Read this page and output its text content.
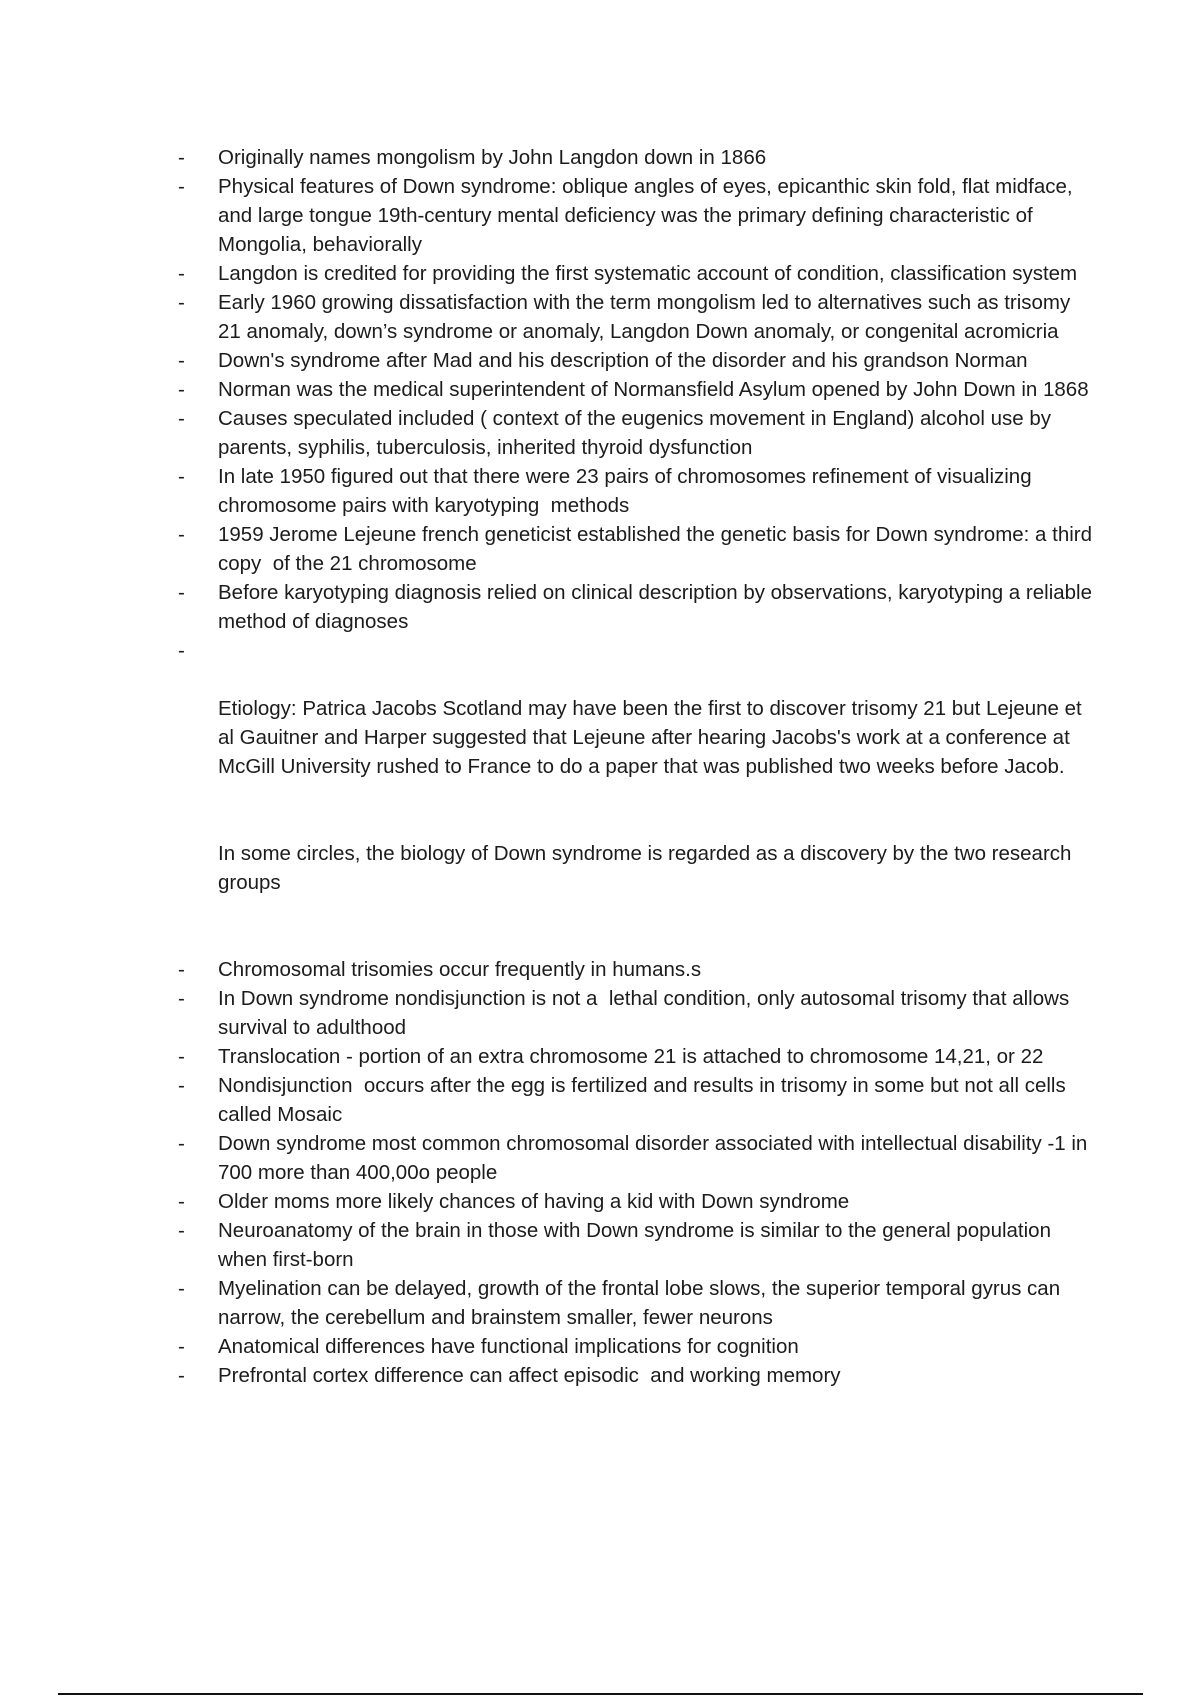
-	Originally names mongolism by John Langdon down in 1866
-	Physical features of Down syndrome: oblique angles of eyes, epicanthic skin fold, flat midface, and large tongue 19th-century mental deficiency was the primary defining characteristic of Mongolia, behaviorally
-	Langdon is credited for providing the first systematic account of condition, classification system
-	Early 1960 growing dissatisfaction with the term mongolism led to alternatives such as trisomy 21 anomaly, down’s syndrome or anomaly, Langdon Down anomaly, or congenital acromicria
-	Down's syndrome after Mad and his description of the disorder and his grandson Norman
-	Norman was the medical superintendent of Normansfield Asylum opened by John Down in 1868
-	Causes speculated included ( context of the eugenics movement in England) alcohol use by parents, syphilis, tuberculosis, inherited thyroid dysfunction
-	In late 1950 figured out that there were 23 pairs of chromosomes refinement of visualizing chromosome pairs with karyotyping  methods
-	1959 Jerome Lejeune french geneticist established the genetic basis for Down syndrome: a third copy  of the 21 chromosome
-	Before karyotyping diagnosis relied on clinical description by observations, karyotyping a reliable method of diagnoses
-

Etiology: Patrica Jacobs Scotland may have been the first to discover trisomy 21 but Lejeune et al Gauitner and Harper suggested that Lejeune after hearing Jacobs's work at a conference at McGill University rushed to France to do a paper that was published two weeks before Jacob.

In some circles, the biology of Down syndrome is regarded as a discovery by the two research groups

-	Chromosomal trisomies occur frequently in humans.s
-	In Down syndrome nondisjunction is not a  lethal condition, only autosomal trisomy that allows survival to adulthood
-	Translocation - portion of an extra chromosome 21 is attached to chromosome 14,21, or 22
-	Nondisjunction  occurs after the egg is fertilized and results in trisomy in some but not all cells called Mosaic
-	Down syndrome most common chromosomal disorder associated with intellectual disability -1 in 700 more than 400,00o people
-	Older moms more likely chances of having a kid with Down syndrome
-	Neuroanatomy of the brain in those with Down syndrome is similar to the general population when first-born
-	Myelination can be delayed, growth of the frontal lobe slows, the superior temporal gyrus can narrow, the cerebellum and brainstem smaller, fewer neurons
-	Anatomical differences have functional implications for cognition
-	Prefrontal cortex difference can affect episodic  and working memory
